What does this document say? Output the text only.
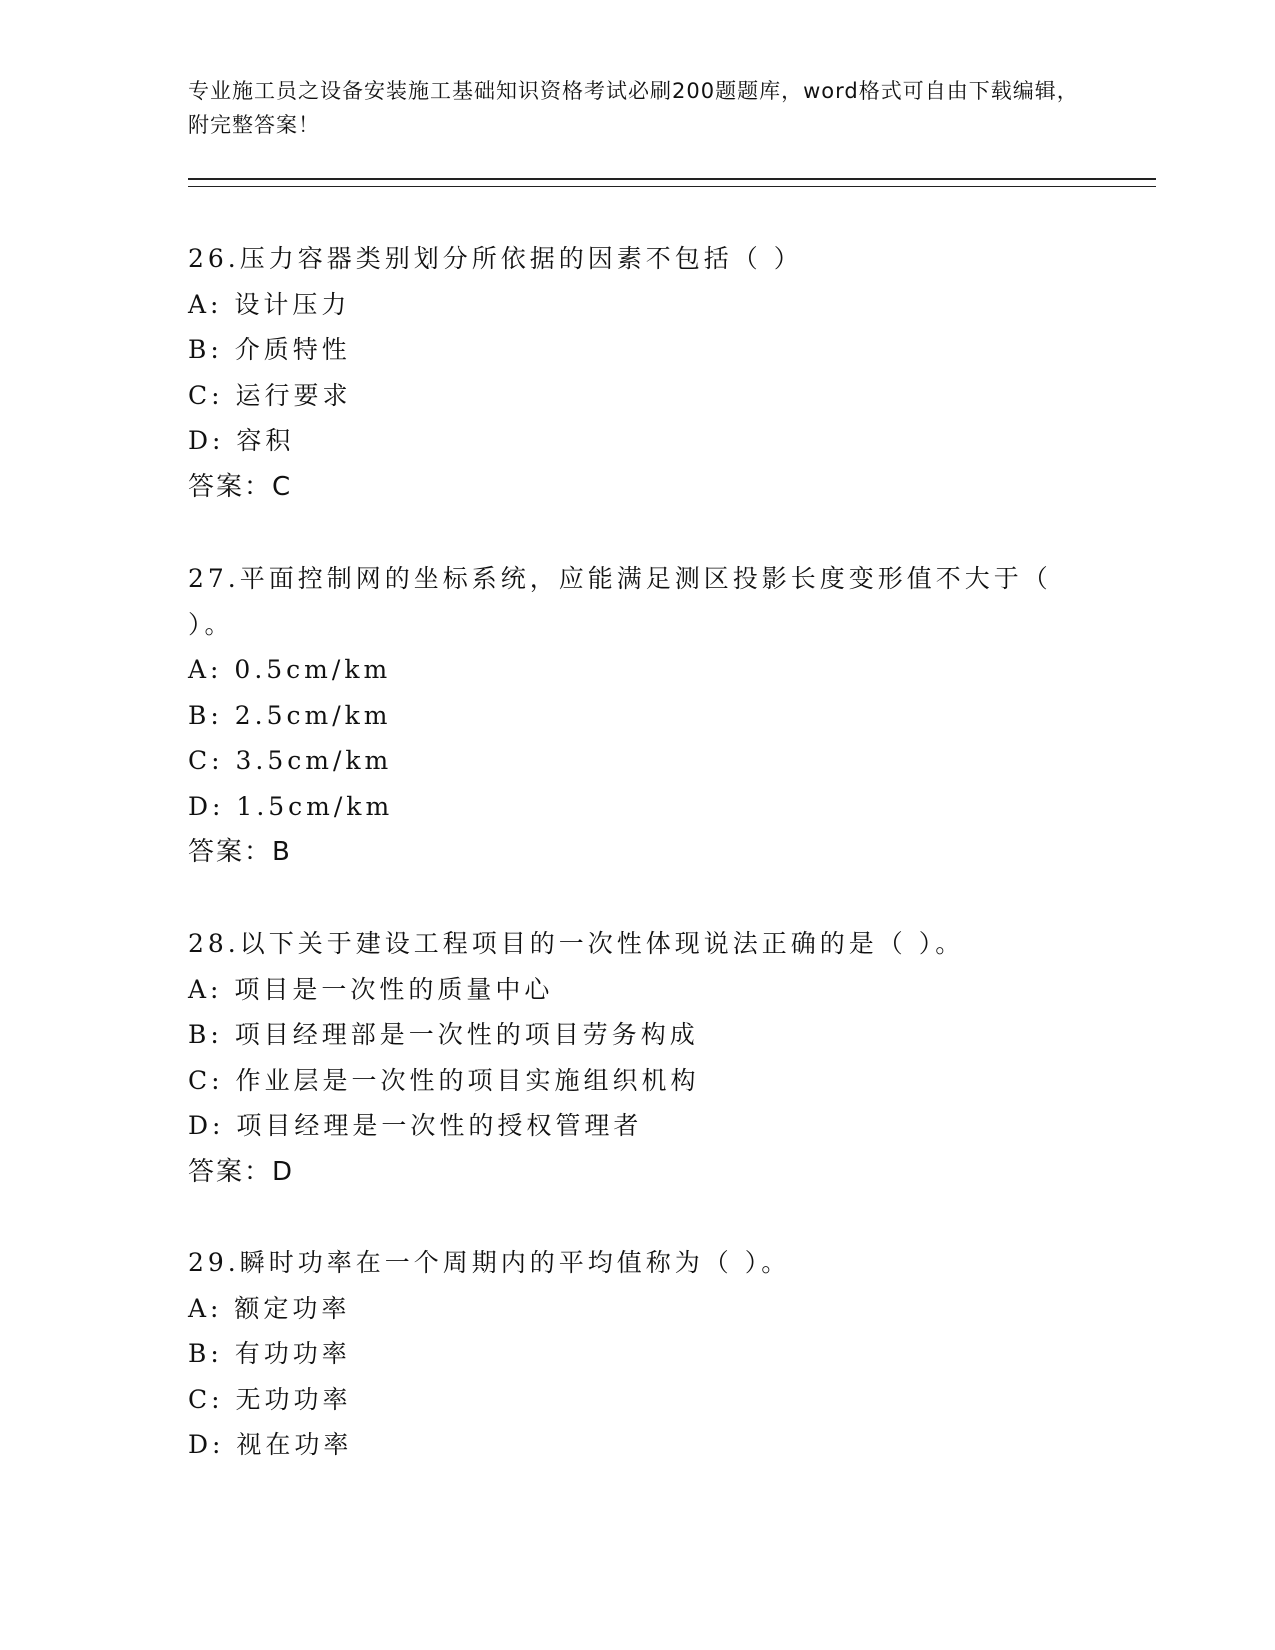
专业施工员之设备安装施工基础知识资格考试必刷200题题库，word格式可自由下载编辑，附完整答案！
26.压力容器类别划分所依据的因素不包括（ ）
A: 设计压力
B: 介质特性
C: 运行要求
D: 容积
答案：C
27.平面控制网的坐标系统，应能满足测区投影长度变形值不大于（ ）。
A: 0.5cm/km
B: 2.5cm/km
C: 3.5cm/km
D: 1.5cm/km
答案：B
28.以下关于建设工程项目的一次性体现说法正确的是（ ）。
A: 项目是一次性的质量中心
B: 项目经理部是一次性的项目劳务构成
C: 作业层是一次性的项目实施组织机构
D: 项目经理是一次性的授权管理者
答案：D
29.瞬时功率在一个周期内的平均值称为（ ）。
A: 额定功率
B: 有功功率
C: 无功功率
D: 视在功率
